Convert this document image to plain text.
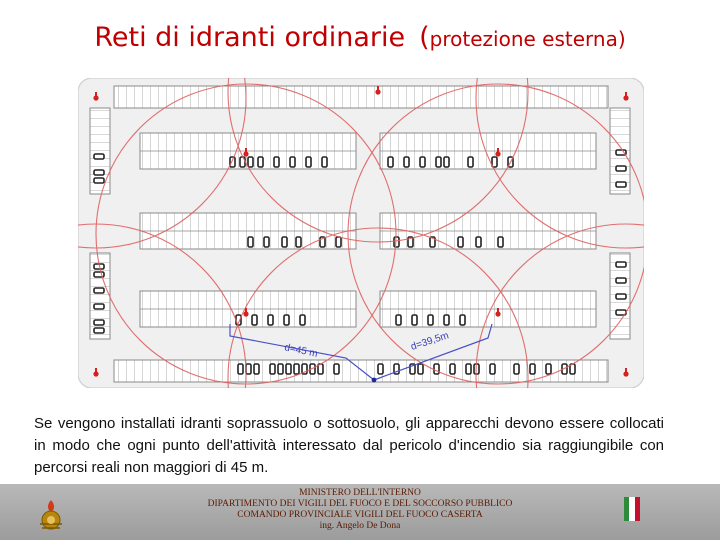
Reti di idranti ordinarie (protezione esterna)
d=45 m	d=39,5m
Se vengono installati idranti soprassuolo o sottosuolo, gli apparecchi devono essere collocati in modo che ogni punto dell'attività interessato dal pericolo d'incendio sia raggiungibile con percorsi reali non maggiori di 45 m.
MINISTERO DELL'INTERNO
DIPARTIMENTO DEI VIGILI DEL FUOCO E DEL SOCCORSO PUBBLICO
COMANDO PROVINCIALE VIGILI DEL FUOCO CASERTA
ing. Angelo De Dona
